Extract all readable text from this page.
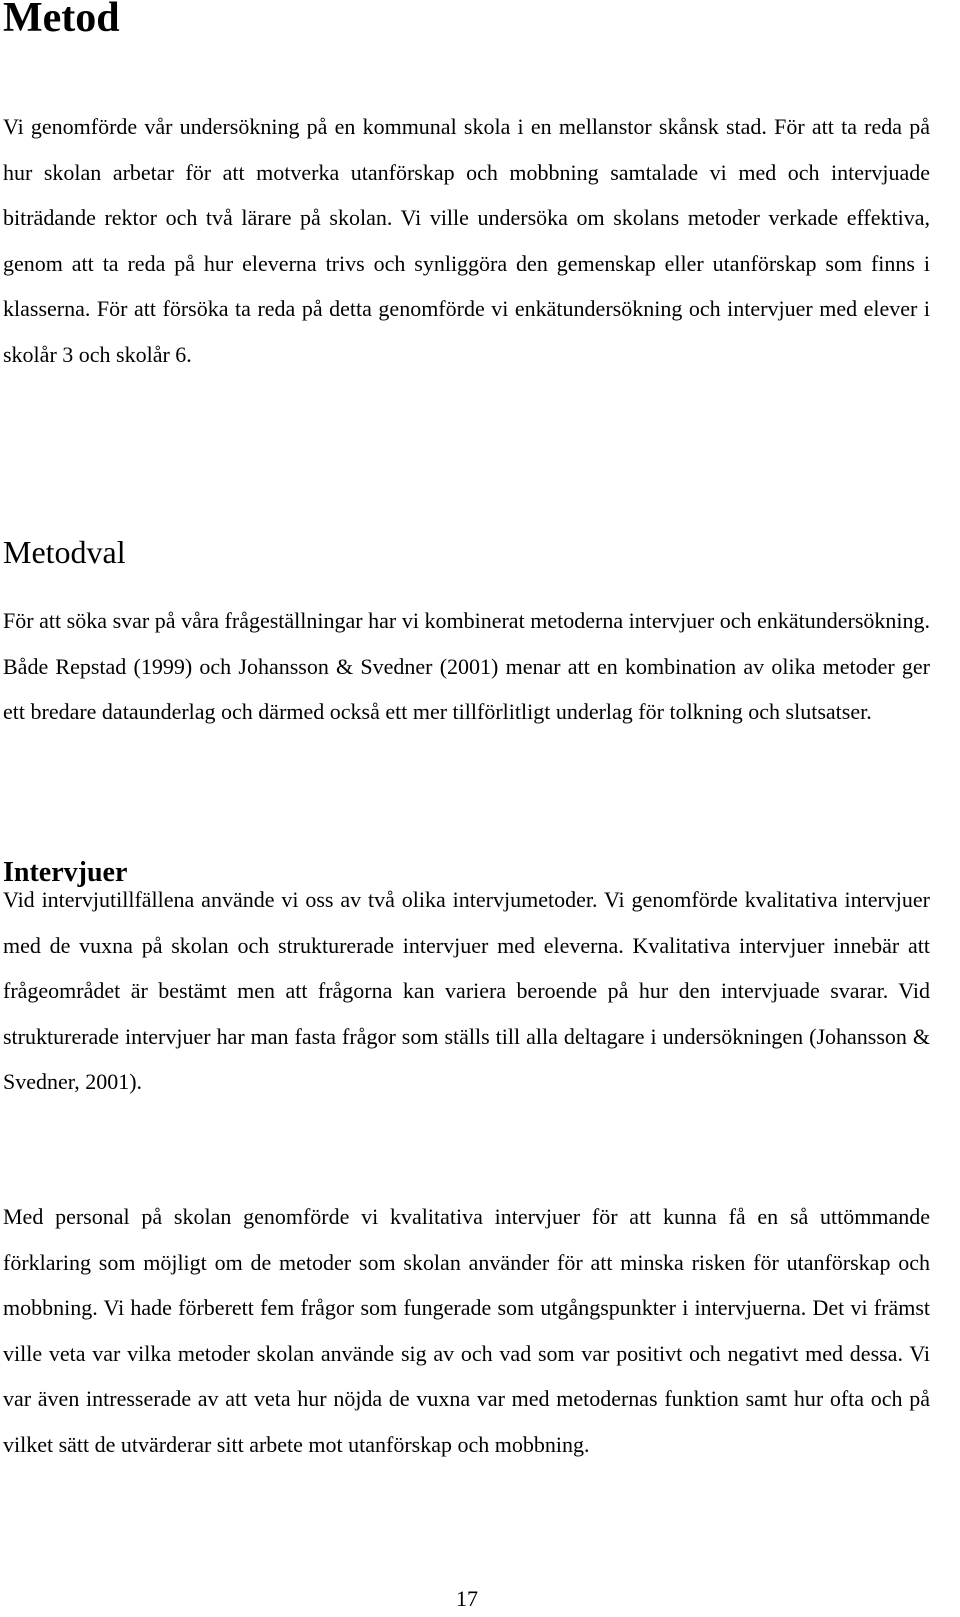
Metod

Vi genomförde vår undersökning på en kommunal skola i en mellanstor skånsk stad. För att ta reda på hur skolan arbetar för att motverka utanförskap och mobbning samtalade vi med och intervjuade biträdande rektor och två lärare på skolan. Vi ville undersöka om skolans metoder verkade effektiva, genom att ta reda på hur eleverna trivs och synliggöra den gemenskap eller utanförskap som finns i klasserna. För att försöka ta reda på detta genomförde vi enkätundersökning och intervjuer med elever i skolår 3 och skolår 6.

Metodval

För att söka svar på våra frågeställningar har vi kombinerat metoderna intervjuer och enkätundersökning. Både Repstad (1999) och Johansson & Svedner (2001) menar att en kombination av olika metoder ger ett bredare dataunderlag och därmed också ett mer tillförlitligt underlag för tolkning och slutsatser.

Intervjuer

Vid intervjutillfällena använde vi oss av två olika intervjumetoder. Vi genomförde kvalitativa intervjuer med de vuxna på skolan och strukturerade intervjuer med eleverna. Kvalitativa intervjuer innebär att frågeområdet är bestämt men att frågorna kan variera beroende på hur den intervjuade svarar. Vid strukturerade intervjuer har man fasta frågor som ställs till alla deltagare i undersökningen (Johansson & Svedner, 2001).

Med personal på skolan genomförde vi kvalitativa intervjuer för att kunna få en så uttömmande förklaring som möjligt om de metoder som skolan använder för att minska risken för utanförskap och mobbning. Vi hade förberett fem frågor som fungerade som utgångspunkter i intervjuerna. Det vi främst ville veta var vilka metoder skolan använde sig av och vad som var positivt och negativt med dessa. Vi var även intresserade av att veta hur nöjda de vuxna var med metodernas funktion samt hur ofta och på vilket sätt de utvärderar sitt arbete mot utanförskap och mobbning.

17
